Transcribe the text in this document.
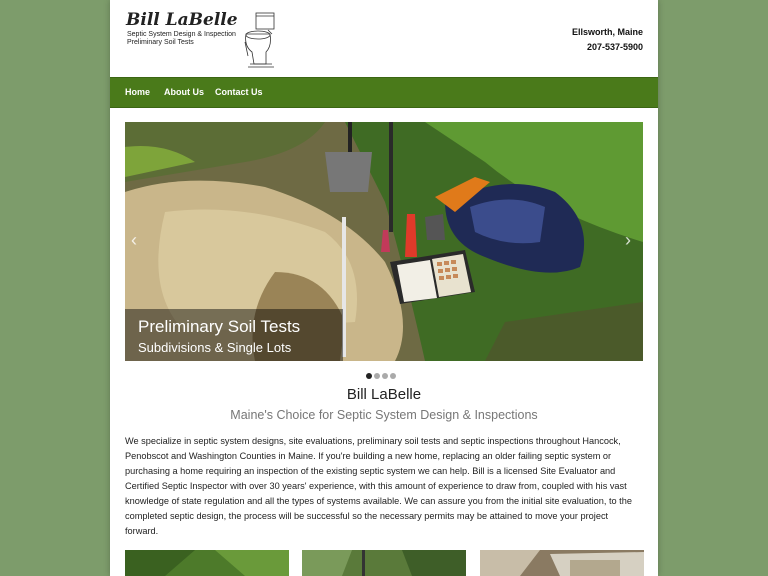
Bill LaBelle
Septic System Design & Inspection
Preliminary Soil Tests
Ellsworth, Maine
207-537-5900
Home About Us Contact Us
‹	›
Preliminary Soil Tests
Subdivisions & Single Lots
Bill LaBelle
Maine's Choice for Septic System Design & Inspections
We specialize in septic system designs, site evaluations, preliminary soil tests and septic inspections throughout Hancock, Penobscot and Washington Counties in Maine. If you're building a new home, replacing an older failing septic system or purchasing a home requiring an inspection of the existing septic system we can help. Bill is a licensed Site Evaluator and Certified Septic Inspector with over 30 years' experience, with this amount of experience to draw from, coupled with his vast knowledge of state regulation and all the types of systems available. We can assure you from the initial site evaluation, to the completed septic design, the process will be successful so the necessary permits may be attained to move your project forward.
